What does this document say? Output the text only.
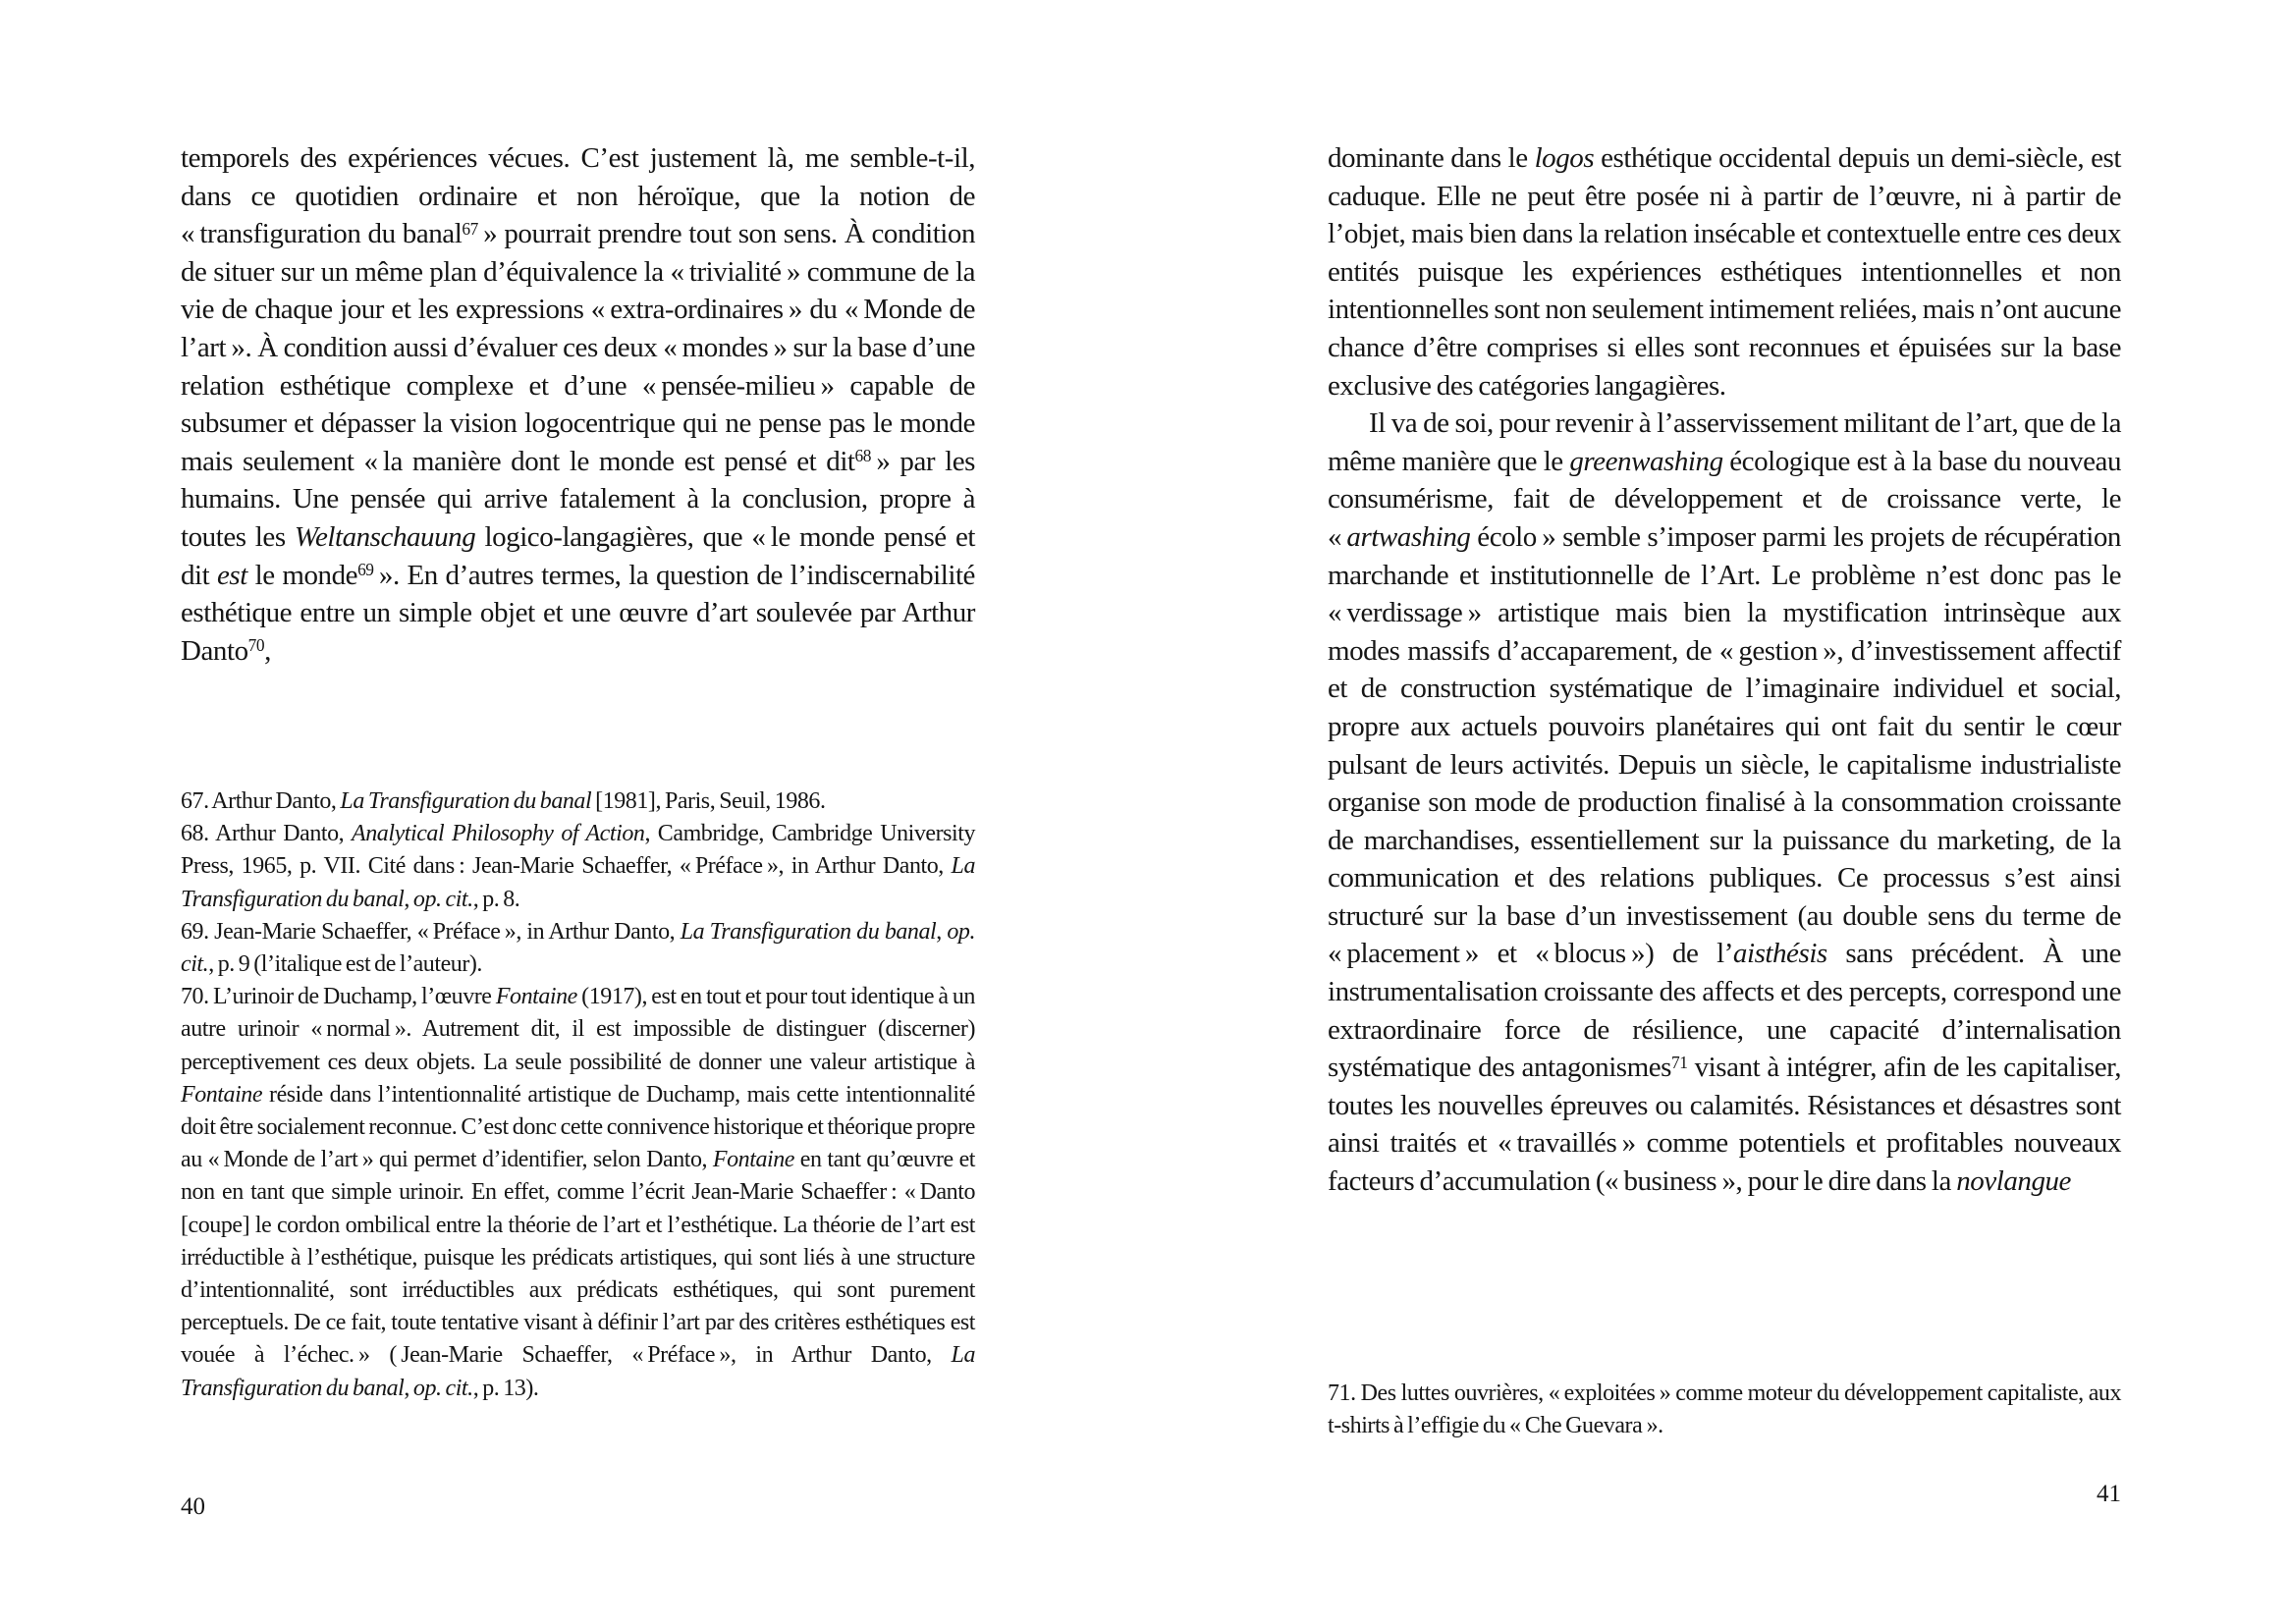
temporels des expériences vécues. C’est justement là, me semble-t-il, dans ce quotidien ordinaire et non héroïque, que la notion de « transfiguration du banal$^{67}$ » pourrait prendre tout son sens. À condition de situer sur un même plan d’équivalence la « trivialité » commune de la vie de chaque jour et les expressions « extra-ordinaires » du « Monde de l’art ». À condition aussi d’évaluer ces deux « mondes » sur la base d’une relation esthétique complexe et d’une « pensée-milieu » capable de subsumer et dépasser la vision logocentrique qui ne pense pas le monde mais seulement « la manière dont le monde est pensé et dit$^{68}$ » par les humains. Une pensée qui arrive fatalement à la conclusion, propre à toutes les Weltanschauung logico-langagières, que « le monde pensé et dit est le monde$^{69}$ ». En d’autres termes, la question de l’indiscernabilité esthétique entre un simple objet et une œuvre d’art soulevée par Arthur Danto$^{70}$,

67. Arthur Danto, La Transfiguration du banal [1981], Paris, Seuil, 1986.

68. Arthur Danto, Analytical Philosophy of Action, Cambridge, Cambridge University Press, 1965, p. VII. Cité dans : Jean-Marie Schaeffer, « Préface », in Arthur Danto, La Transfiguration du banal, op. cit., p. 8.

69. Jean-Marie Schaeffer, « Préface », in Arthur Danto, La Transfiguration du banal, op. cit., p. 9 (l’italique est de l’auteur).

70. L’urinoir de Duchamp, l’œuvre Fontaine (1917), est en tout et pour tout identique à un autre urinoir « normal ». Autrement dit, il est impossible de distinguer (discerner) perceptivement ces deux objets. La seule possibilité de donner une valeur artistique à Fontaine réside dans l’intentionnalité artistique de Duchamp, mais cette intentionnalité doit être socialement reconnue. C’est donc cette connivence historique et théorique propre au « Monde de l’art » qui permet d’identifier, selon Danto, Fontaine en tant qu’œuvre et non en tant que simple urinoir. En effet, comme l’écrit Jean-Marie Schaeffer : « Danto [coupe] le cordon ombilical entre la théorie de l’art et l’esthétique. La théorie de l’art est irréductible à l’esthétique, puisque les prédicats artistiques, qui sont liés à une structure d’intentionnalité, sont irréductibles aux prédicats esthétiques, qui sont purement perceptuels. De ce fait, toute tentative visant à définir l’art par des critères esthétiques est vouée à l’échec. » ( Jean-Marie Schaeffer, « Préface », in Arthur Danto, La Transfiguration du banal, op. cit., p. 13).

40

dominante dans le logos esthétique occidental depuis un demi-siècle, est caduque. Elle ne peut être posée ni à partir de l’œuvre, ni à partir de l’objet, mais bien dans la relation insécable et contextuelle entre ces deux entités puisque les expériences esthétiques intentionnelles et non intentionnelles sont non seulement intimement reliées, mais n’ont aucune chance d’être comprises si elles sont reconnues et épuisées sur la base exclusive des catégories langagières.

Il va de soi, pour revenir à l’asservissement militant de l’art, que de la même manière que le greenwashing écologique est à la base du nouveau consumérisme, fait de développement et de croissance verte, le « artwashing écolo » semble s’imposer parmi les projets de récupération marchande et institutionnelle de l’Art. Le problème n’est donc pas le « verdissage » artistique mais bien la mystification intrinsèque aux modes massifs d’accaparement, de « gestion », d’investissement affectif et de construction systématique de l’imaginaire individuel et social, propre aux actuels pouvoirs planétaires qui ont fait du sentir le cœur pulsant de leurs activités. Depuis un siècle, le capitalisme industrialiste organise son mode de production finalisé à la consommation croissante de marchandises, essentiellement sur la puissance du marketing, de la communication et des relations publiques. Ce processus s’est ainsi structuré sur la base d’un investissement (au double sens du terme de « placement » et « blocus ») de l’aisthésis sans précédent. À une instrumentalisation croissante des affects et des percepts, correspond une extraordinaire force de résilience, une capacité d’internalisation systématique des antagonismes$^{71}$ visant à intégrer, afin de les capitaliser, toutes les nouvelles épreuves ou calamités. Résistances et désastres sont ainsi traités et « travaillés » comme potentiels et profitables nouveaux facteurs d’accumulation (« business », pour le dire dans la novlangue

71. Des luttes ouvrières, « exploitées » comme moteur du développement capitaliste, aux t-shirts à l’effigie du « Che Guevara ».

41
